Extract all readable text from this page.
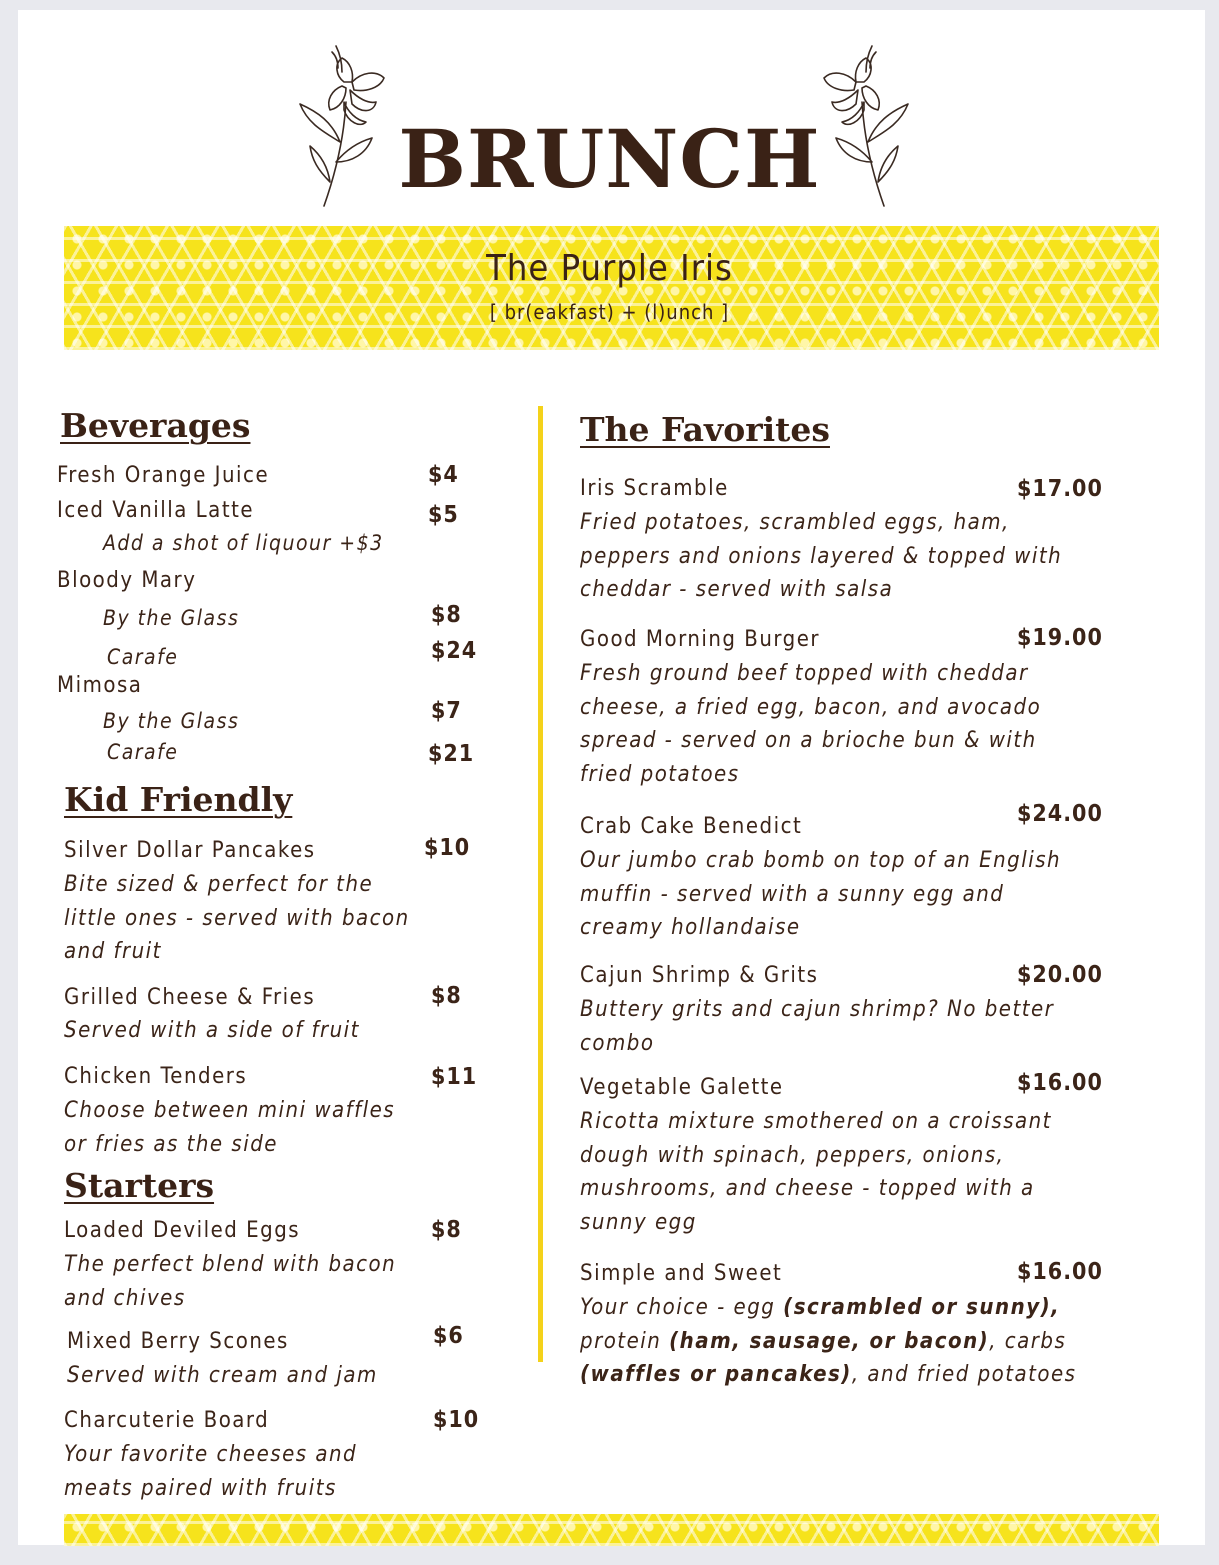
BRUNCH
The Purple Iris
[ br(eakfast) + (l)unch ]
Beverages
Fresh Orange Juice	$4
Iced Vanilla Latte	$5
Add a shot of liquour +$3
Bloody Mary
By the Glass	$8
Carafe	$24
Mimosa
By the Glass	$7
Carafe	$21
Kid Friendly
Silver Dollar Pancakes	$10
Bite sized & perfect for the little ones - served with bacon and fruit
Grilled Cheese & Fries	$8
Served with a side of fruit
Chicken Tenders	$11
Choose between mini waffles or fries as the side
Starters
Loaded Deviled Eggs	$8
The perfect blend with bacon and chives
Mixed Berry Scones	$6
Served with cream and jam
Charcuterie Board	$10
Your favorite cheeses and meats paired with fruits
The Favorites
Iris Scramble	$17.00
Fried potatoes, scrambled eggs, ham, peppers and onions layered & topped with cheddar - served with salsa
Good Morning Burger	$19.00
Fresh ground beef topped with cheddar cheese, a fried egg, bacon, and avocado spread - served on a brioche bun & with fried potatoes
Crab Cake Benedict	$24.00
Our jumbo crab bomb on top of an English muffin - served with a sunny egg and creamy hollandaise
Cajun Shrimp & Grits	$20.00
Buttery grits and cajun shrimp? No better combo
Vegetable Galette	$16.00
Ricotta mixture smothered on a croissant dough with spinach, peppers, onions, mushrooms, and cheese - topped with a sunny egg
Simple and Sweet	$16.00
Your choice - egg (scrambled or sunny), protein (ham, sausage, or bacon), carbs (waffles or pancakes), and fried potatoes
